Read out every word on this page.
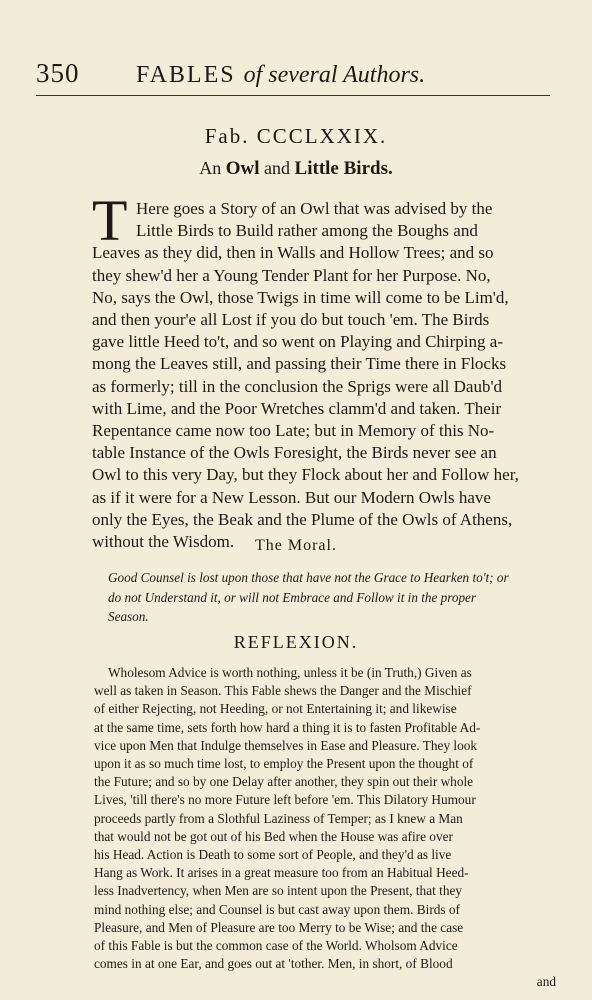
350	FABLES of several Authors.
Fab. CCCLXXIX.
An Owl and Little Birds.
T Here goes a Story of an Owl that was advised by the
Little Birds to Build rather among the Boughs and
Leaves as they did, then in Walls and Hollow Trees; and so
they shew'd her a Young Tender Plant for her Purpose. No,
No, says the Owl, those Twigs in time will come to be Lim'd,
and then your'e all Lost if you do but touch 'em. The Birds
gave little Heed to't, and so went on Playing and Chirping a-
mong the Leaves still, and passing their Time there in Flocks
as formerly; till in the conclusion the Sprigs were all Daub'd
with Lime, and the Poor Wretches clamm'd and taken. Their
Repentance came now too Late; but in Memory of this No-
table Instance of the Owls Foresight, the Birds never see an
Owl to this very Day, but they Flock about her and Follow her,
as if it were for a New Lesson. But our Modern Owls have
only the Eyes, the Beak and the Plume of the Owls of Athens,
without the Wisdom.	The Moral.
Good Counsel is lost upon those that have not the Grace to Hearken to't; or
do not Understand it, or will not Embrace and Follow it in the proper
Season.
REFLEXION.
Wholesom Advice is worth nothing, unless it be (in Truth,) Given as
well as taken in Season. This Fable shews the Danger and the Mischief
of either Rejecting, not Heeding, or not Entertaining it; and likewise
at the same time, sets forth how hard a thing it is to fasten Profitable Ad-
vice upon Men that Indulge themselves in Ease and Pleasure. They look
upon it as so much time lost, to employ the Present upon the thought of
the Future; and so by one Delay after another, they spin out their whole
Lives, 'till there's no more Future left before 'em. This Dilatory Humour
proceeds partly from a Slothful Laziness of Temper; as I knew a Man
that would not be got out of his Bed when the House was afire over
his Head. Action is Death to some sort of People, and they'd as live
Hang as Work. It arises in a great measure too from an Habitual Heed-
less Inadvertency, when Men are so intent upon the Present, that they
mind nothing else; and Counsel is but cast away upon them. Birds of
Pleasure, and Men of Pleasure are too Merry to be Wise; and the case
of this Fable is but the common case of the World. Wholsom Advice
comes in at one Ear, and goes out at 'tother. Men, in short, of Blood
and
